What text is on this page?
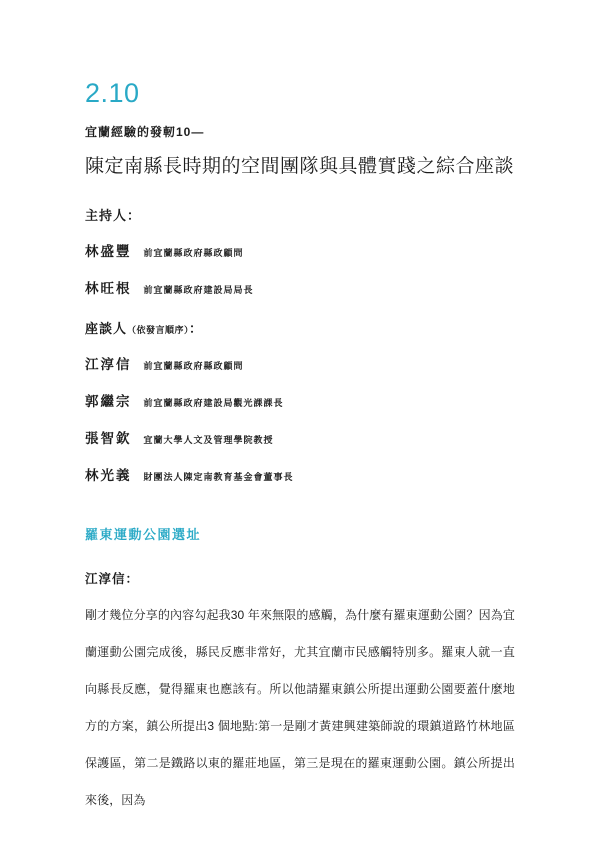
2.10
宜蘭經驗的發軔10—
陳定南縣長時期的空間團隊與具體實踐之綜合座談
主持人：
林盛豐 前宜蘭縣政府縣政顧問
林旺根 前宜蘭縣政府建設局局長
座談人（依發言順序）：
江淳信 前宜蘭縣政府縣政顧問
郭繼宗 前宜蘭縣政府建設局觀光課課長
張智欽 宜蘭大學人文及管理學院教授
林光義 財團法人陳定南教育基金會董事長
羅東運動公園選址
江淳信：

剛才幾位分享的內容勾起我30 年來無限的感觸，為什麼有羅東運動公園？因為宜蘭運動公園完成後，縣民反應非常好，尤其宜蘭市民感觸特別多。羅東人就一直向縣長反應，覺得羅東也應該有。所以他請羅東鎮公所提出運動公園要蓋什麼地方的方案，鎮公所提出3 個地點:第一是剛才黃建興建築師說的環鎮道路竹林地區保護區，第二是鐵路以東的羅莊地區，第三是現在的羅東運動公園。鎮公所提出來後，因為
